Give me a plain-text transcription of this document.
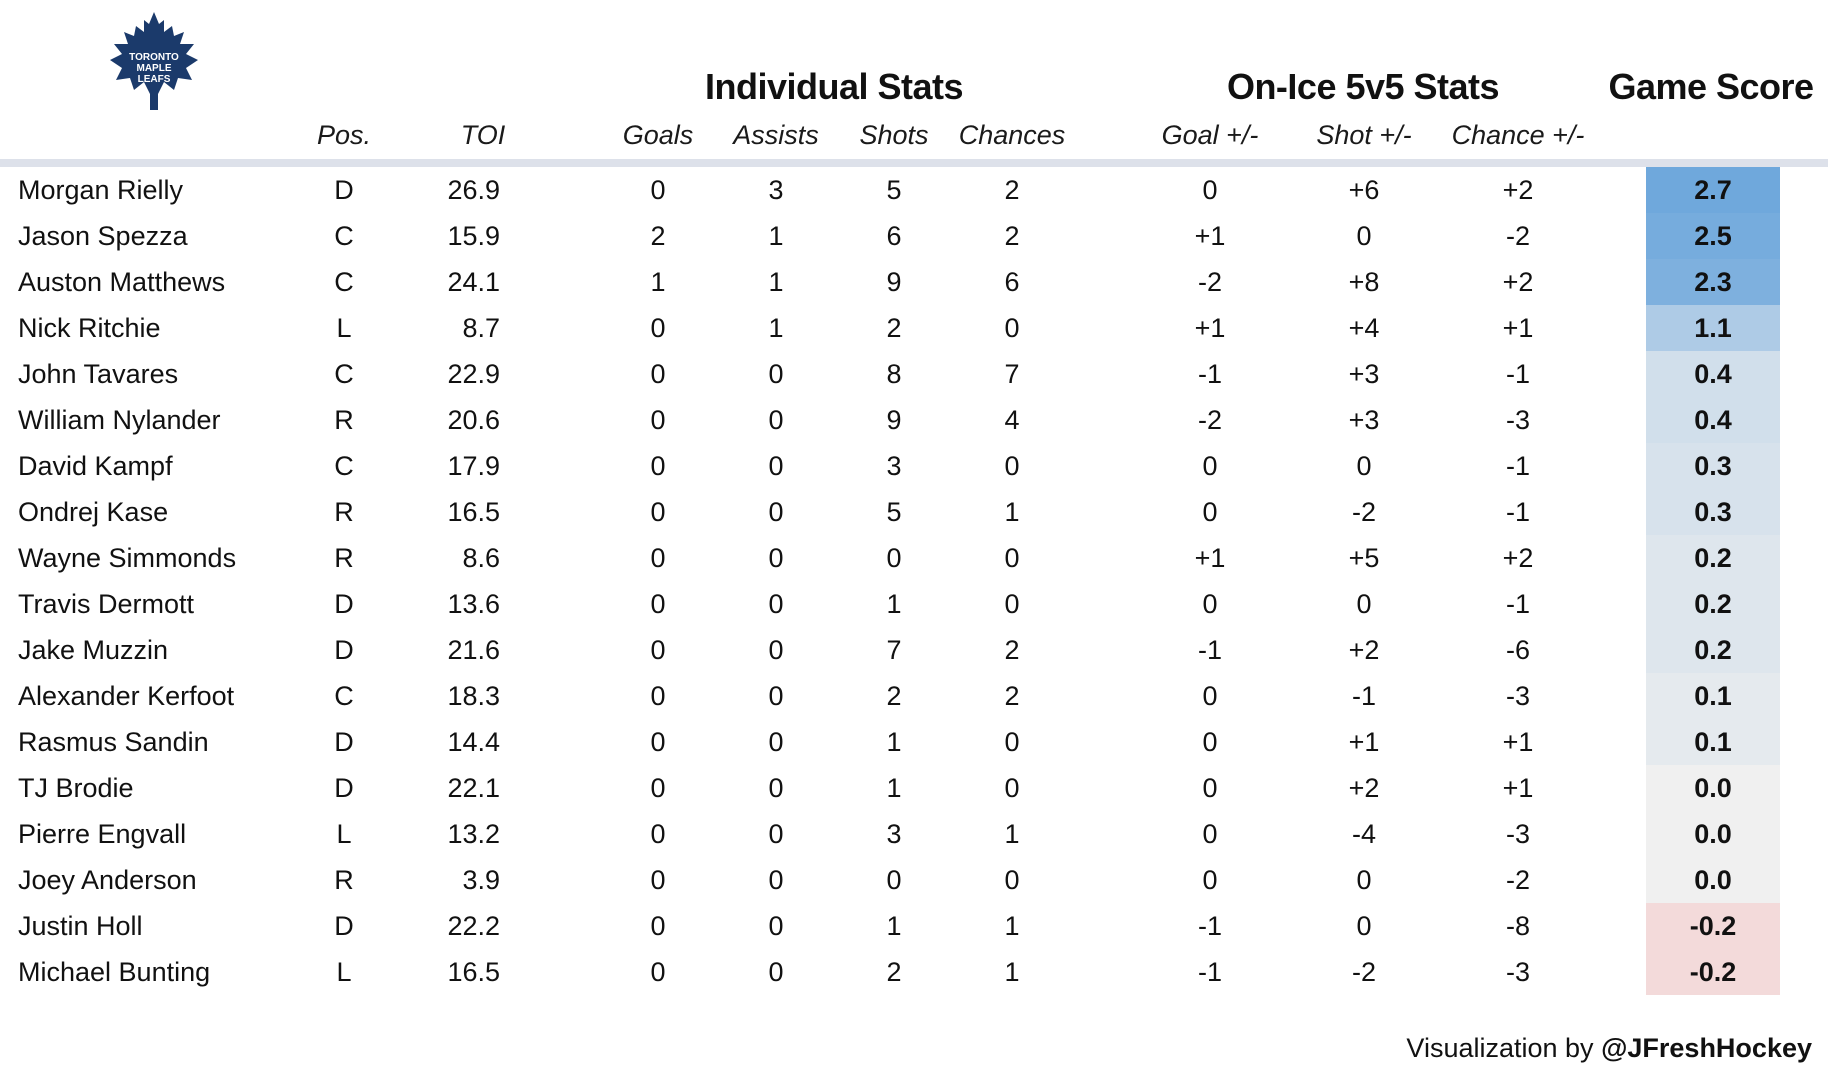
TORONTO
MAPLE
LEAFS	Individual Stats	On-Ice 5v5 Stats	Game Score
Pos.	TOI	Goals Assists Shots Chances	Goal +/- Shot +/- Chance +/-
Morgan Rielly	D	26.9	0	3	5	2	0	+6	+2	2.7
Jason Spezza	C	15.9	2	1	6	2	+1	0	-2	2.5
Auston Matthews	C	24.1	1	1	9	6	-2	+8	+2	2.3
Nick Ritchie	L	8.7	0	1	2	0	+1	+4	+1	1.1
John Tavares	C	22.9	0	0	8	7	-1	+3	-1	0.4
William Nylander	R	20.6	0	0	9	4	-2	+3	-3	0.4
David Kampf	C	17.9	0	0	3	0	0	0	-1	0.3
Ondrej Kase	R	16.5	0	0	5	1	0	-2	-1	0.3
Wayne Simmonds	R	8.6	0	0	0	0	+1	+5	+2	0.2
Travis Dermott	D	13.6	0	0	1	0	0	0	-1	0.2
Jake Muzzin	D	21.6	0	0	7	2	-1	+2	-6	0.2
Alexander Kerfoot	C	18.3	0	0	2	2	0	-1	-3	0.1
Rasmus Sandin	D	14.4	0	0	1	0	0	+1	+1	0.1
TJ Brodie	D	22.1	0	0	1	0	0	+2	+1	0.0
Pierre Engvall	L	13.2	0	0	3	1	0	-4	-3	0.0
Joey Anderson	R	3.9	0	0	0	0	0	0	-2	0.0
Justin Holl	D	22.2	0	0	1	1	-1	0	-8	-0.2
Michael Bunting	L	16.5	0	0	2	1	-1	-2	-3	-0.2
Visualization by @JFreshHockey
